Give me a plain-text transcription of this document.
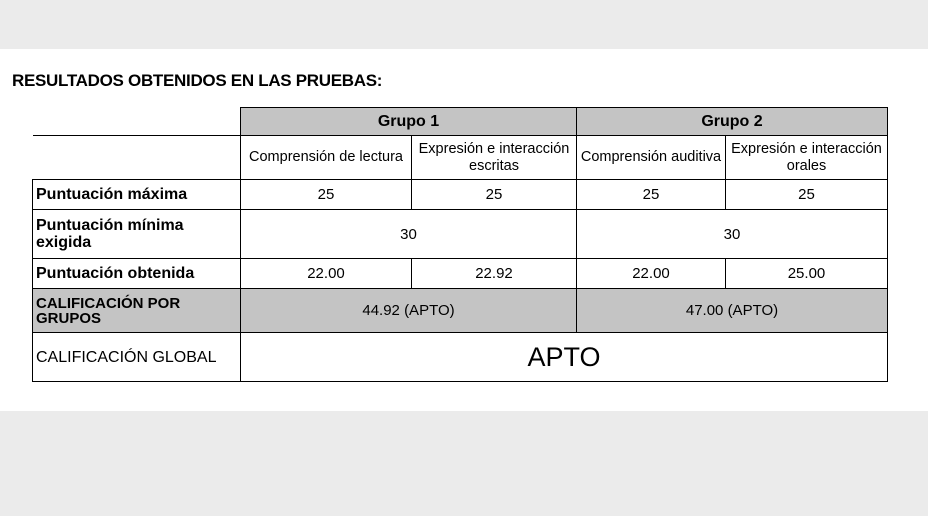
RESULTADOS OBTENIDOS EN LAS PRUEBAS:
	Grupo 1		Grupo 2	
	Comprensión de lectura	Expresión e interacción escritas	Comprensión auditiva	Expresión e interacción orales
Puntuación máxima	25	25	25	25
Puntuación mínima exigida	30		30	
Puntuación obtenida	22.00	22.92	22.00	25.00
CALIFICACIÓN POR GRUPOS	44.92 (APTO)		47.00 (APTO)	
CALIFICACIÓN GLOBAL	APTO			
